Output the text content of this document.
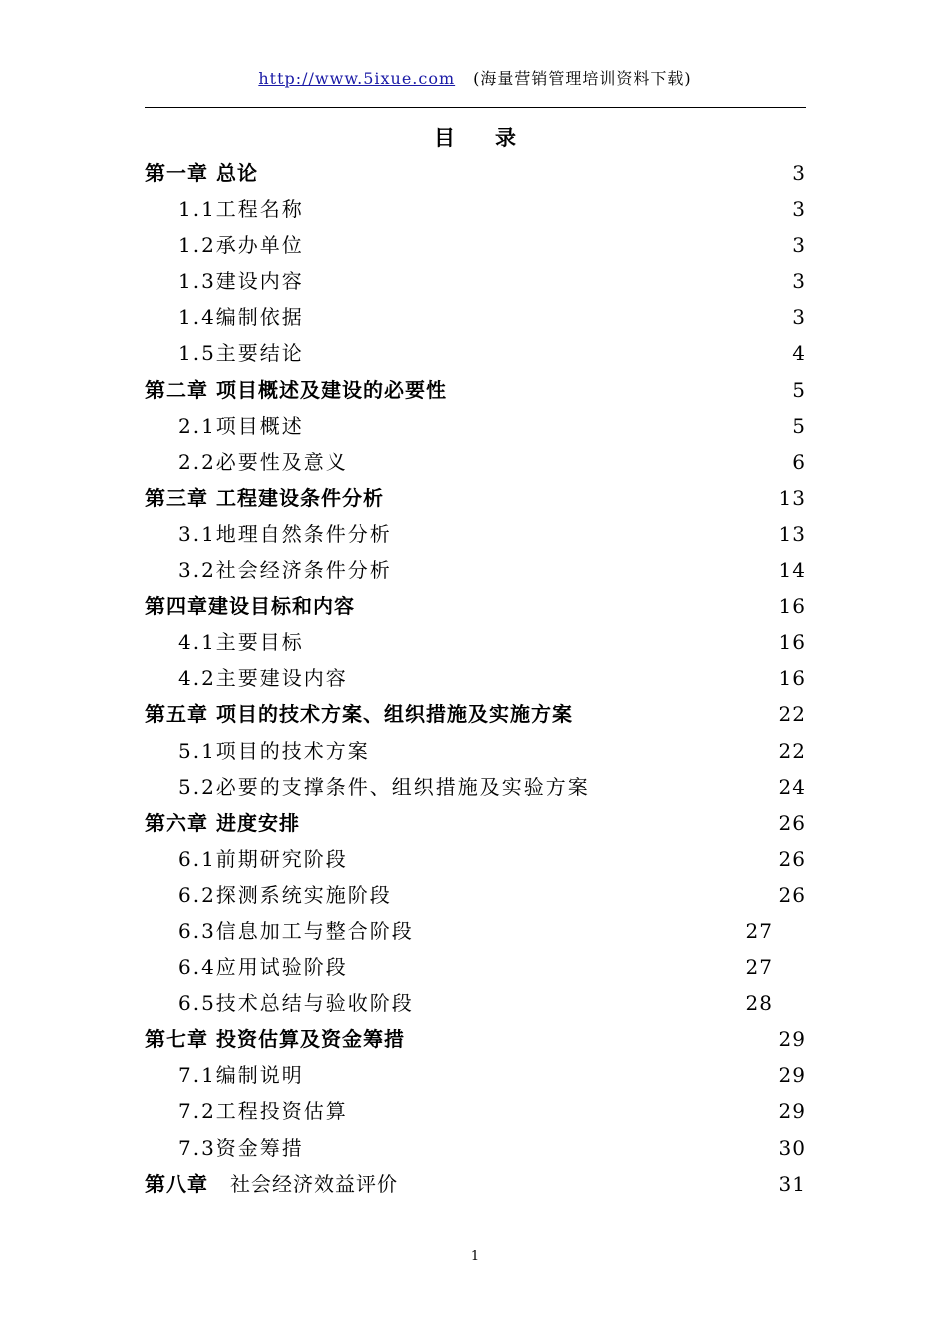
http://www.5ixue.com (海量营销管理培训资料下载)
目 录
第一章 总论	3
1.1工程名称	3
1.2承办单位	3
1.3建设内容	3
1.4编制依据	3
1.5主要结论	4
第二章 项目概述及建设的必要性	5
2.1项目概述	5
2.2必要性及意义	6
第三章 工程建设条件分析	13
3.1地理自然条件分析	13
3.2社会经济条件分析	14
第四章建设目标和内容	16
4.1主要目标	16
4.2主要建设内容	16
第五章 项目的技术方案、组织措施及实施方案	22
5.1项目的技术方案	22
5.2必要的支撑条件、组织措施及实验方案	24
第六章 进度安排	26
6.1前期研究阶段	26
6.2探测系统实施阶段	26
6.3信息加工与整合阶段	27
6.4应用试验阶段	27
6.5技术总结与验收阶段	28
第七章 投资估算及资金筹措	29
7.1编制说明	29
7.2工程投资估算	29
7.3资金筹措	30
第八章 社会经济效益评价	31
1
